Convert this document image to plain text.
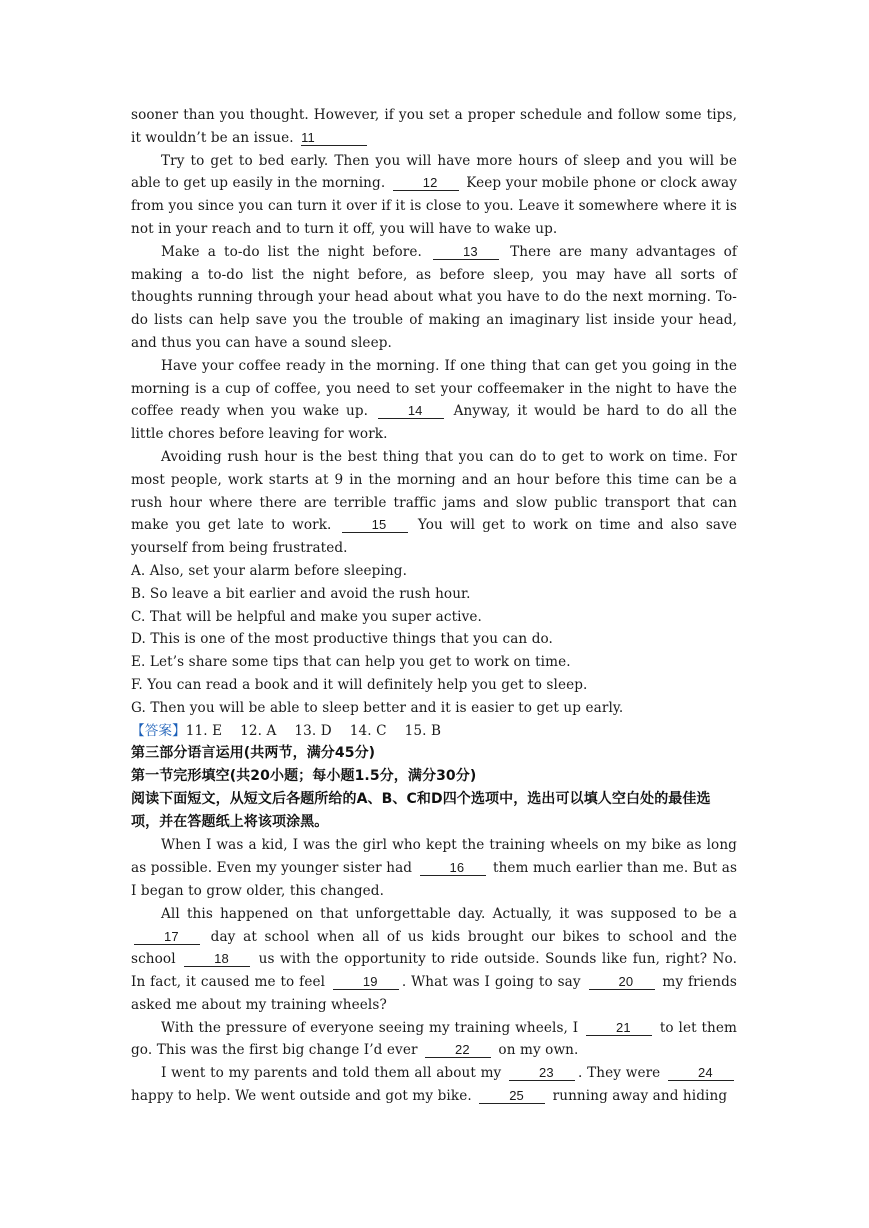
sooner than you thought. However, if you set a proper schedule and follow some tips, it wouldn’t be an issue. 11

Try to get to bed early. Then you will have more hours of sleep and you will be able to get up easily in the morning.	12 Keep your mobile phone or clock away from you since you can turn it over if it is close to you. Leave it somewhere where it is not in your reach and to turn it off, you will have to wake up.

Make a to-do list the night before.	13 There are many advantages of making a to-do list the night before, as before sleep, you may have all sorts of thoughts running through your head about what you have to do the next morning. To-do lists can help save you the trouble of making an imaginary list inside your head, and thus you can have a sound sleep.

Have your coffee ready in the morning. If one thing that can get you going in the morning is a cup of coffee, you need to set your coffeemaker in the night to have the coffee ready when you wake up.	14 Anyway, it would be hard to do all the little chores before leaving for work.

Avoiding rush hour is the best thing that you can do to get to work on time. For most people, work starts at 9 in the morning and an hour before this time can be a rush hour where there are terrible traffic jams and slow public transport that can make you get late to work.	15 You will get to work on time and also save yourself from being frustrated.

A. Also, set your alarm before sleeping.

B. So leave a bit earlier and avoid the rush hour.

C. That will be helpful and make you super active.

D. This is one of the most productive things that you can do.

E. Let’s share some tips that can help you get to work on time.

F. You can read a book and it will definitely help you get to sleep.

G. Then you will be able to sleep better and it is easier to get up early.

【答案】11. E 12. A 13. D 14. C 15. B

第三部分语言运用(共两节，满分45分)

第一节完形填空(共20小题；每小题1.5分，满分30分)

阅读下面短文，从短文后各题所给的A、B、C和D四个选项中，选出可以填人空白处的最佳选项，并在答题纸上将该项涂黑。

When I was a kid, I was the girl who kept the training wheels on my bike as long as possible. Even my younger sister had	16 them much earlier than me. But as I began to grow older, this changed.

All this happened on that unforgettable day. Actually, it was supposed to be a 17 day at school when all of us kids brought our bikes to school and the school	18 us with the opportunity to ride outside. Sounds like fun, right? No. In fact, it caused me to feel	19 . What was I going to say	20 my friends asked me about my training wheels?

With the pressure of everyone seeing my training wheels, I	21 to let them go. This was the first big change I’d ever	22 on my own.

I went to my parents and told them all about my	23 . They were	24 happy to help. We went outside and got my bike.	25 running away and hiding
